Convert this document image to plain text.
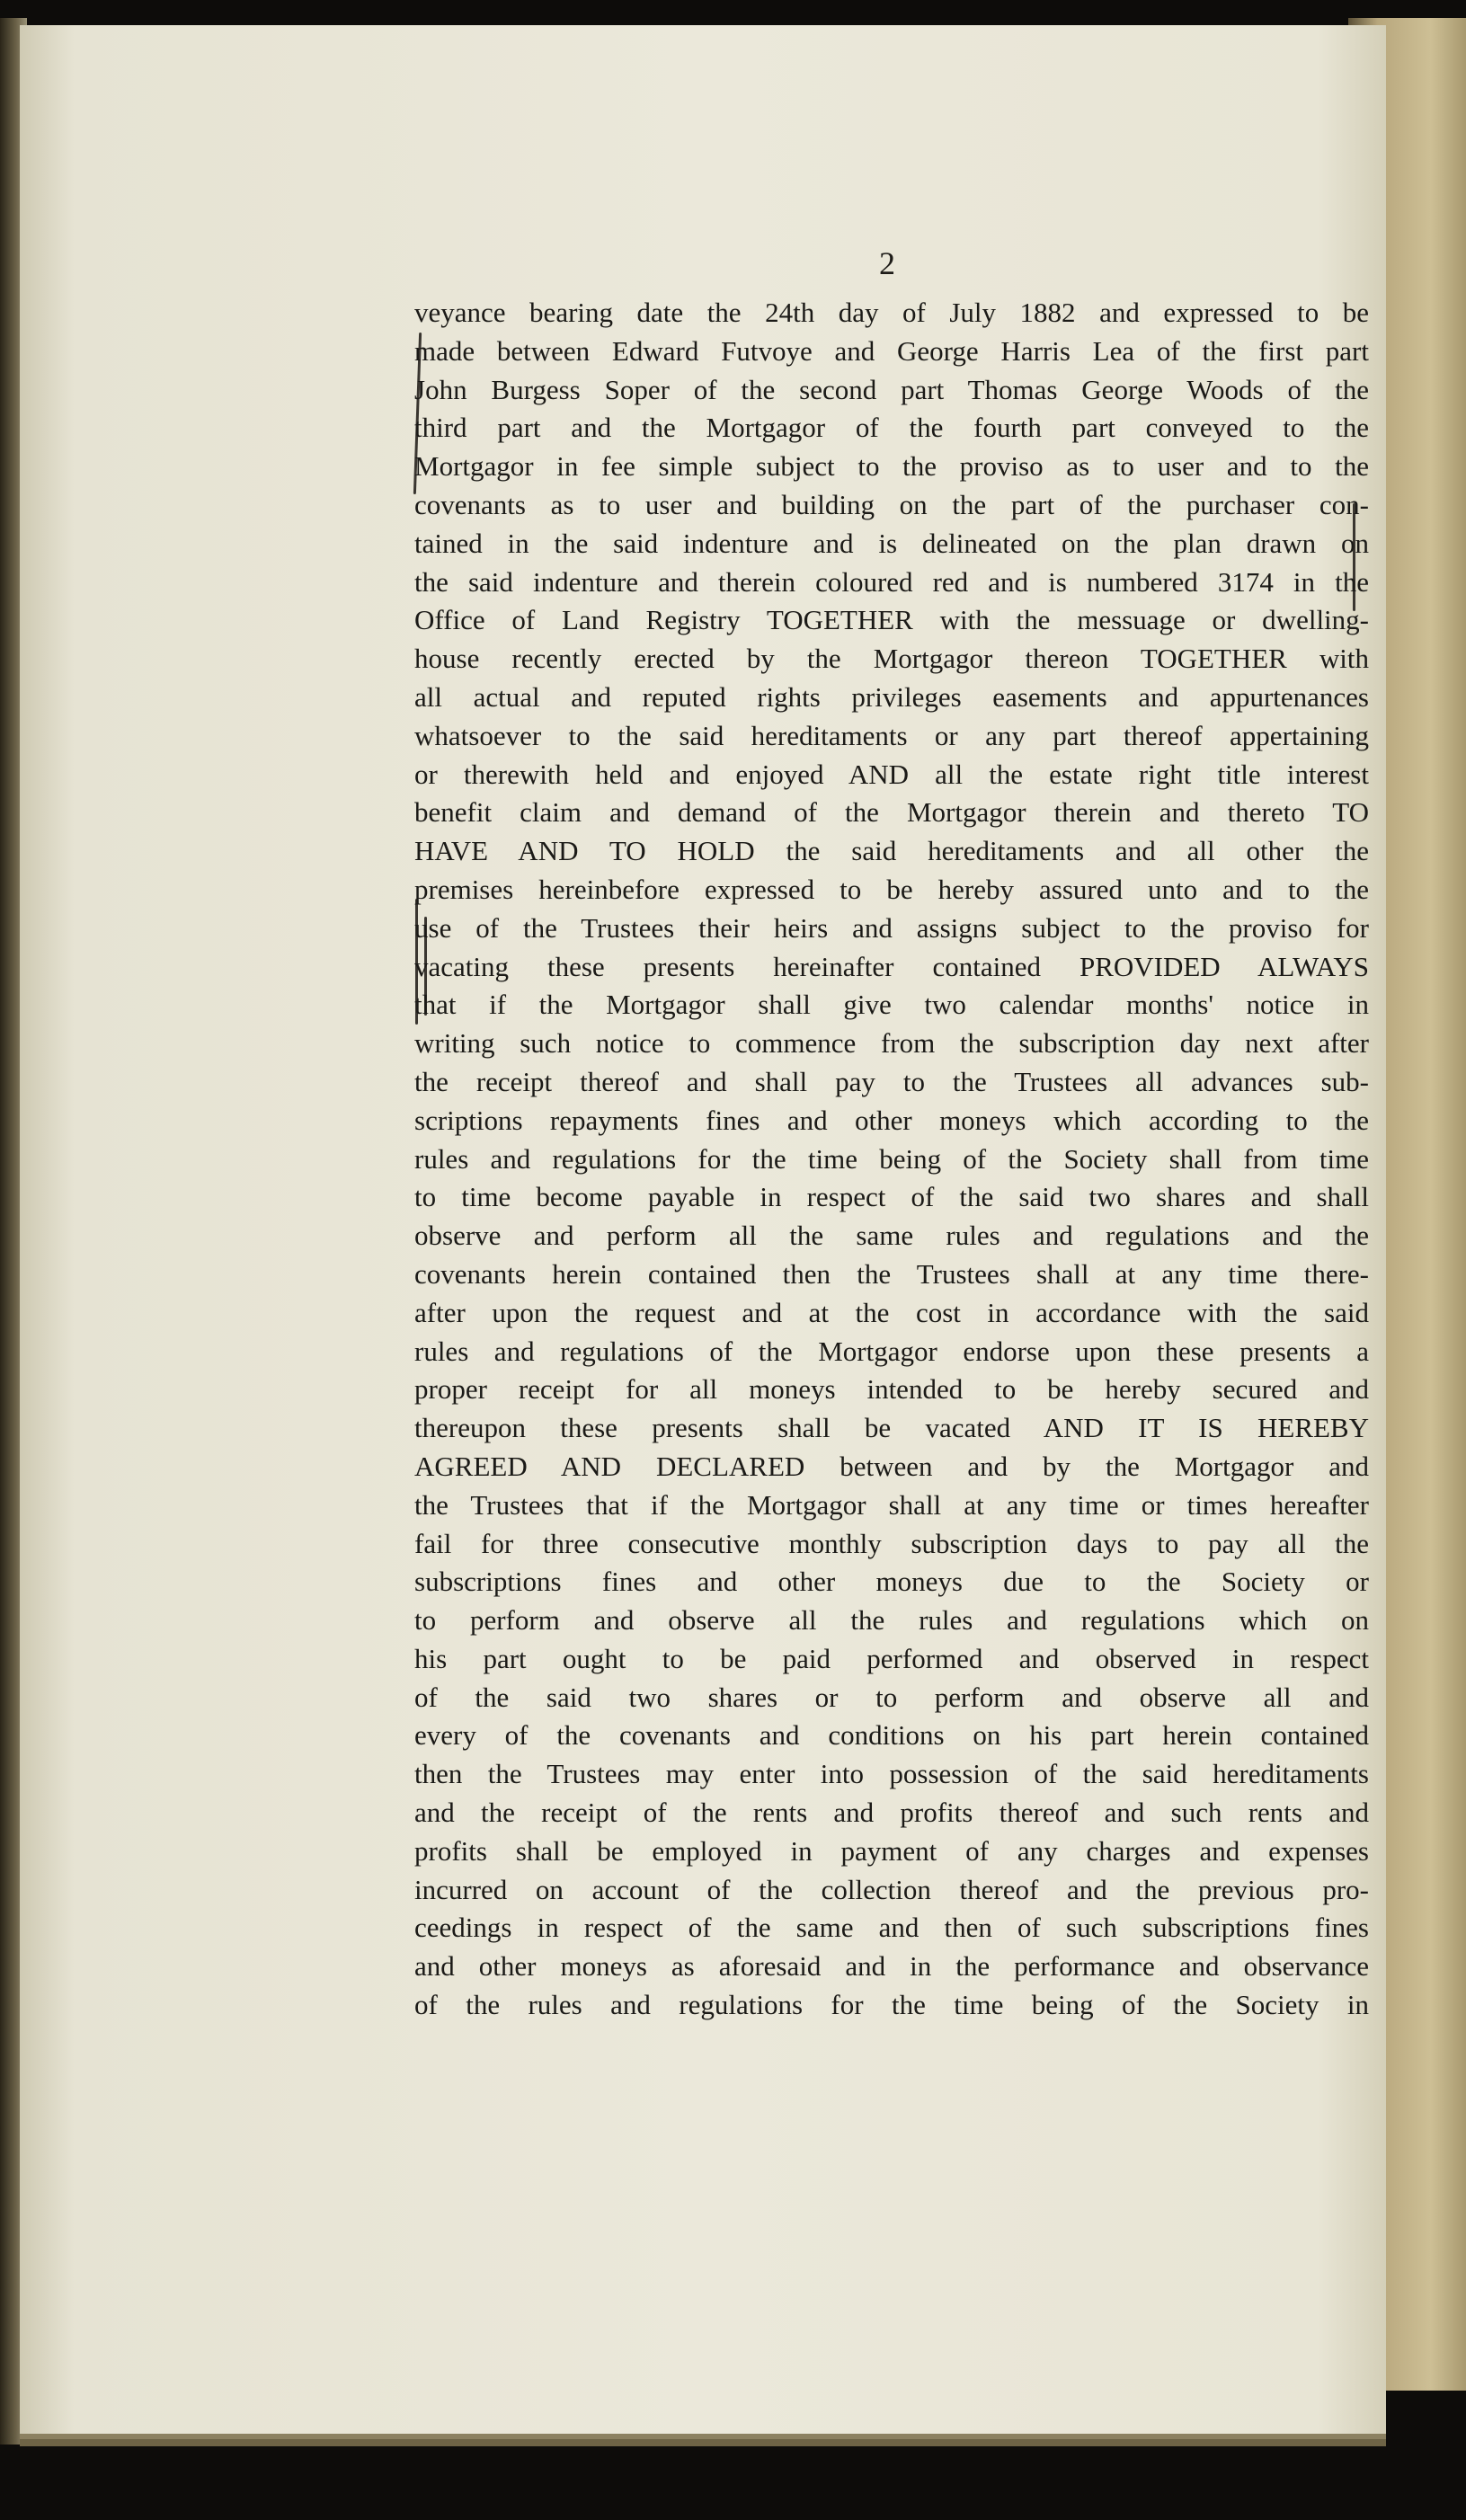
2
veyance bearing date the 24th day of July 1882 and expressed to be
made between Edward Futvoye and George Harris Lea of the first part
John Burgess Soper of the second part Thomas George Woods of the
third part and the Mortgagor of the fourth part conveyed to the
Mortgagor in fee simple subject to the proviso as to user and to the
covenants as to user and building on the part of the purchaser con-
tained in the said indenture and is delineated on the plan drawn on
the said indenture and therein coloured red and is numbered 3174 in the
Office of Land Registry TOGETHER with the messuage or dwelling-
house recently erected by the Mortgagor thereon TOGETHER with
all actual and reputed rights privileges easements and appurtenances
whatsoever to the said hereditaments or any part thereof appertaining
or therewith held and enjoyed AND all the estate right title interest
benefit claim and demand of the Mortgagor therein and thereto TO
HAVE AND TO HOLD the said hereditaments and all other the
premises hereinbefore expressed to be hereby assured unto and to the
use of the Trustees their heirs and assigns subject to the proviso for
vacating these presents hereinafter contained PROVIDED ALWAYS
that if the Mortgagor shall give two calendar months' notice in
writing such notice to commence from the subscription day next after
the receipt thereof and shall pay to the Trustees all advances sub-
scriptions repayments fines and other moneys which according to the
rules and regulations for the time being of the Society shall from time
to time become payable in respect of the said two shares and shall
observe and perform all the same rules and regulations and the
covenants herein contained then the Trustees shall at any time there-
after upon the request and at the cost in accordance with the said
rules and regulations of the Mortgagor endorse upon these presents a
proper receipt for all moneys intended to be hereby secured and
thereupon these presents shall be vacated AND IT IS HEREBY
AGREED AND DECLARED between and by the Mortgagor and
the Trustees that if the Mortgagor shall at any time or times hereafter
fail for three consecutive monthly subscription days to pay all the
subscriptions fines and other moneys due to the Society or
to perform and observe all the rules and regulations which on
his part ought to be paid performed and observed in respect
of the said two shares or to perform and observe all and
every of the covenants and conditions on his part herein contained
then the Trustees may enter into possession of the said hereditaments
and the receipt of the rents and profits thereof and such rents and
profits shall be employed in payment of any charges and expenses
incurred on account of the collection thereof and the previous pro-
ceedings in respect of the same and then of such subscriptions fines
and other moneys as aforesaid and in the performance and observance
of the rules and regulations for the time being of the Society in
